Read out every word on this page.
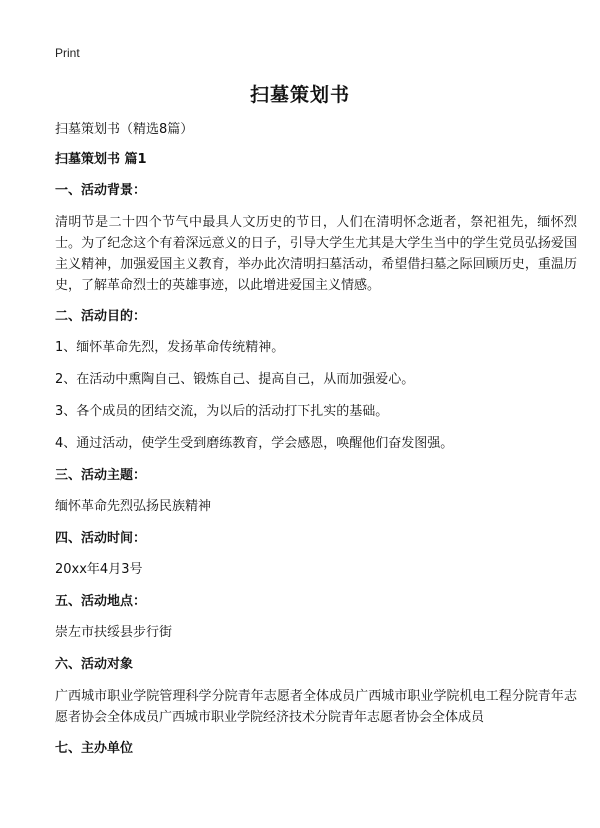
Print
扫墓策划书
扫墓策划书（精选8篇）
扫墓策划书 篇1
一、活动背景：
清明节是二十四个节气中最具人文历史的节日，人们在清明怀念逝者，祭祀祖先，缅怀烈士。为了纪念这个有着深远意义的日子，引导大学生尤其是大学生当中的学生党员弘扬爱国主义精神，加强爱国主义教育，举办此次清明扫墓活动，希望借扫墓之际回顾历史，重温历史，了解革命烈士的英雄事迹，以此增进爱国主义情感。
二、活动目的：
1、缅怀革命先烈，发扬革命传统精神。
2、在活动中熏陶自己、锻炼自己、提高自己，从而加强爱心。
3、各个成员的团结交流，为以后的活动打下扎实的基础。
4、通过活动，使学生受到磨练教育，学会感恩，唤醒他们奋发图强。
三、活动主题：
缅怀革命先烈弘扬民族精神
四、活动时间：
20xx年4月3号
五、活动地点：
崇左市扶绥县步行街
六、活动对象
广西城市职业学院管理科学分院青年志愿者全体成员广西城市职业学院机电工程分院青年志愿者协会全体成员广西城市职业学院经济技术分院青年志愿者协会全体成员
七、主办单位
